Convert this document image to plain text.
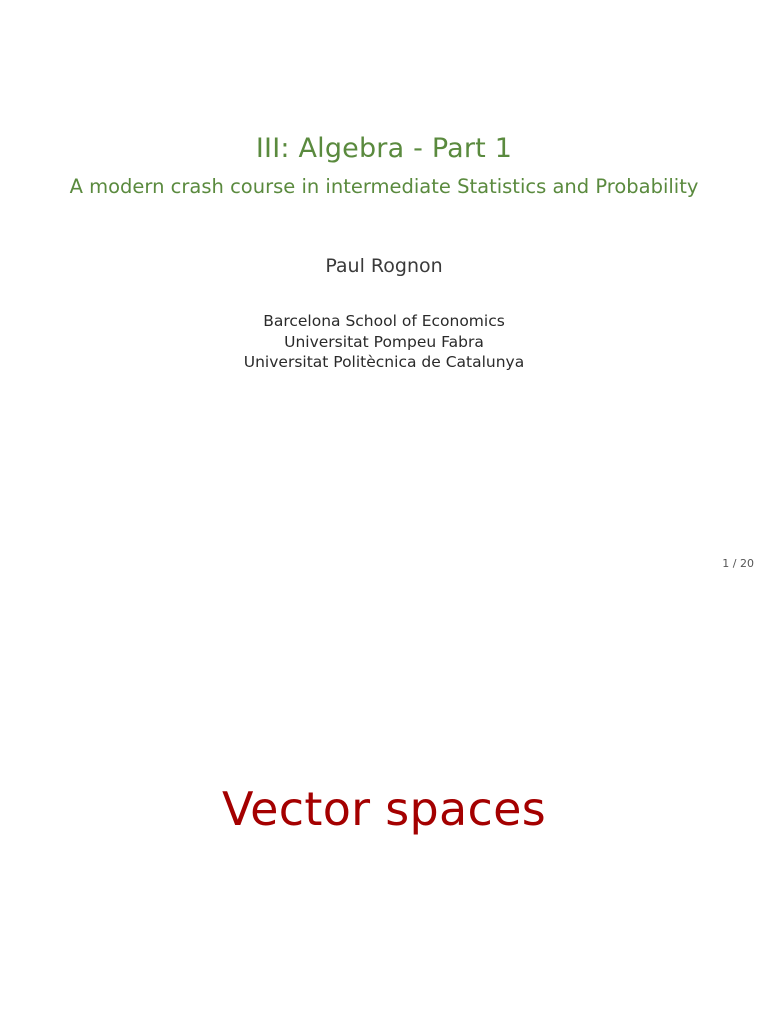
III: Algebra - Part 1
A modern crash course in intermediate Statistics and Probability
Paul Rognon
Barcelona School of Economics
Universitat Pompeu Fabra
Universitat Politècnica de Catalunya
1 / 20
Vector spaces
